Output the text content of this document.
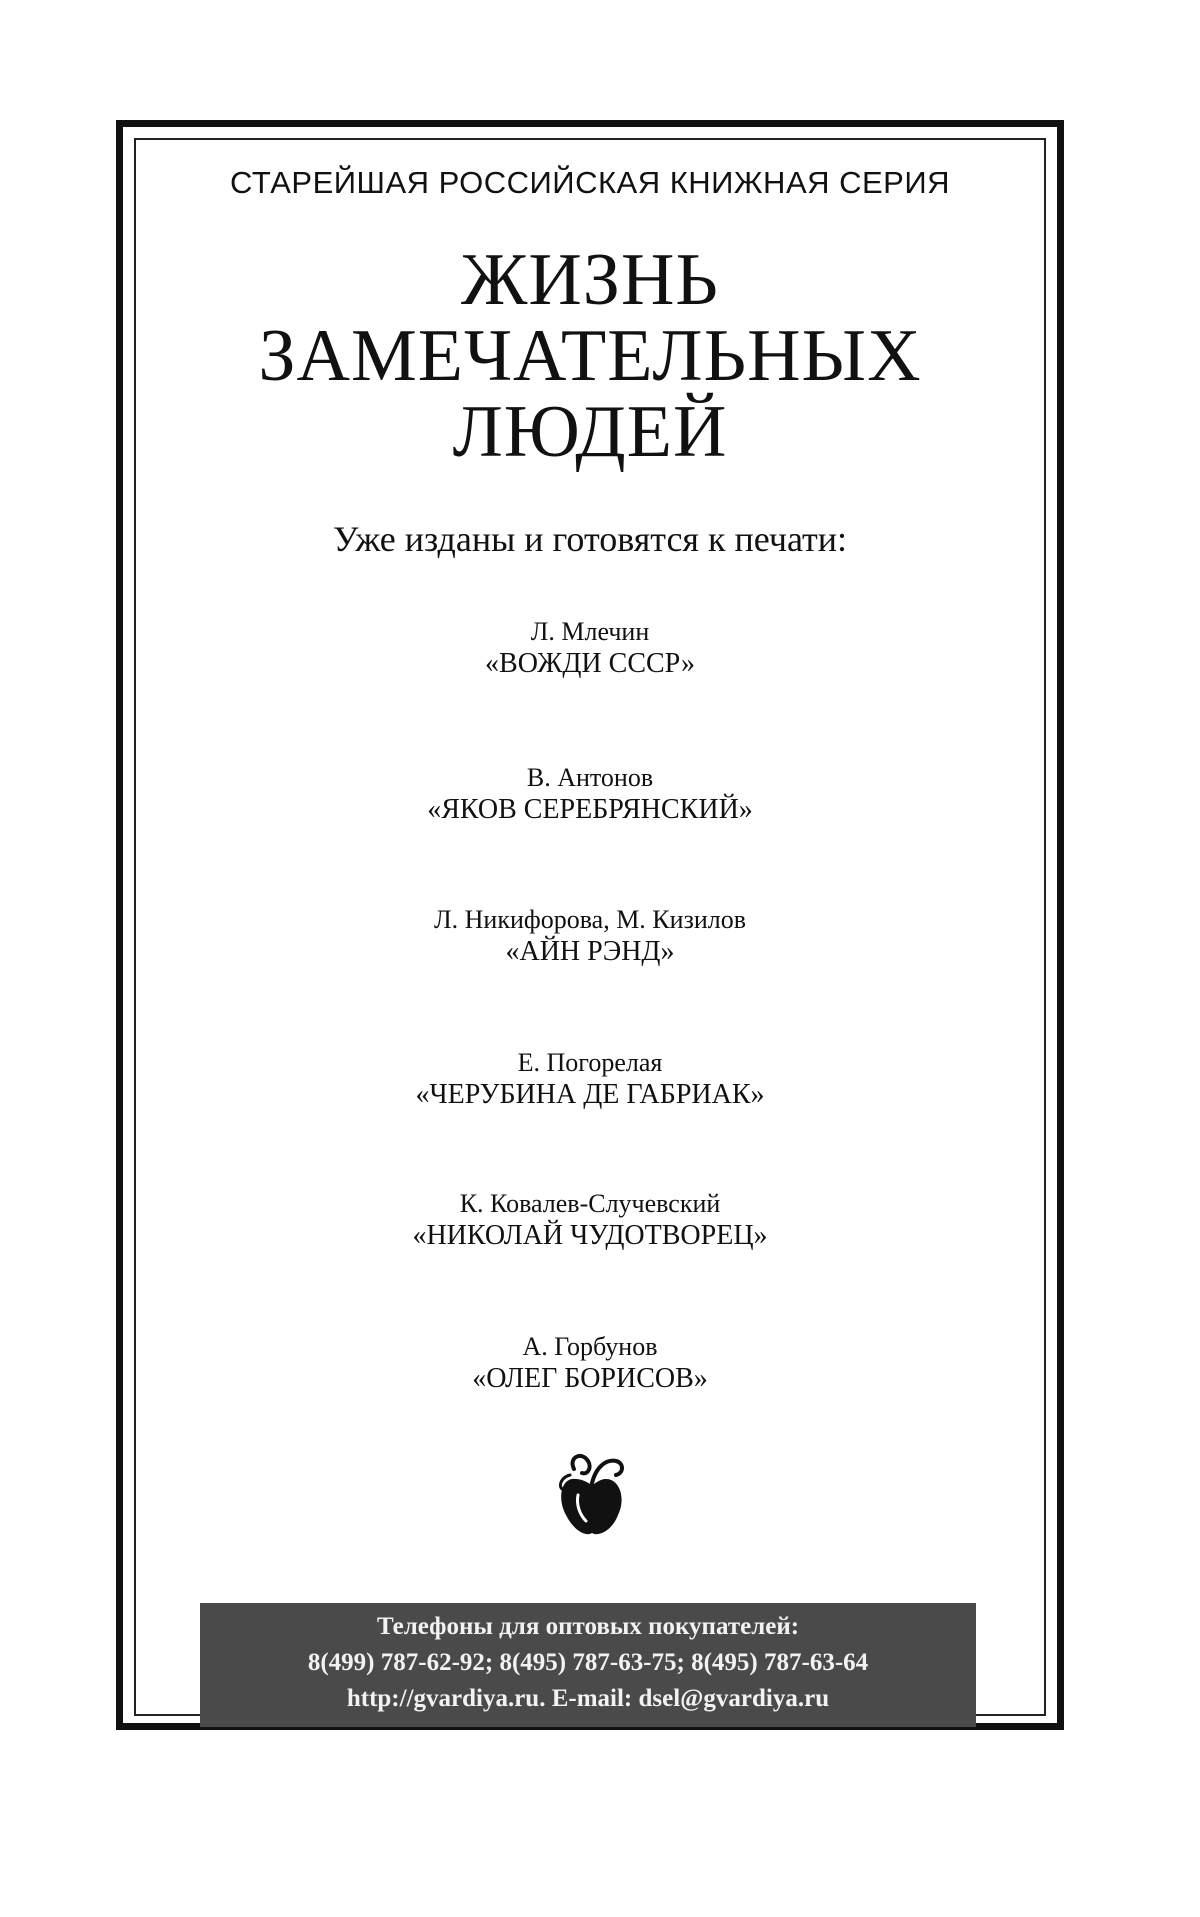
СТАРЕЙШАЯ РОССИЙСКАЯ КНИЖНАЯ СЕРИЯ
ЖИЗНЬ
ЗАМЕЧАТЕЛЬНЫХ
ЛЮДЕЙ
Уже изданы и готовятся к печати:
Л. Млечин
«ВОЖДИ СССР»
В. Антонов
«ЯКОВ СЕРЕБРЯНСКИЙ»
Л. Никифорова, М. Кизилов
«АЙН РЭНД»
Е. Погорелая
«ЧЕРУБИНА ДЕ ГАБРИАК»
К. Ковалев-Случевский
«НИКОЛАЙ ЧУДОТВОРЕЦ»
А. Горбунов
«ОЛЕГ БОРИСОВ»
Телефоны для оптовых покупателей:
8(499) 787-62-92; 8(495) 787-63-75; 8(495) 787-63-64
http://gvardiya.ru. E-mail: dsel@gvardiya.ru
